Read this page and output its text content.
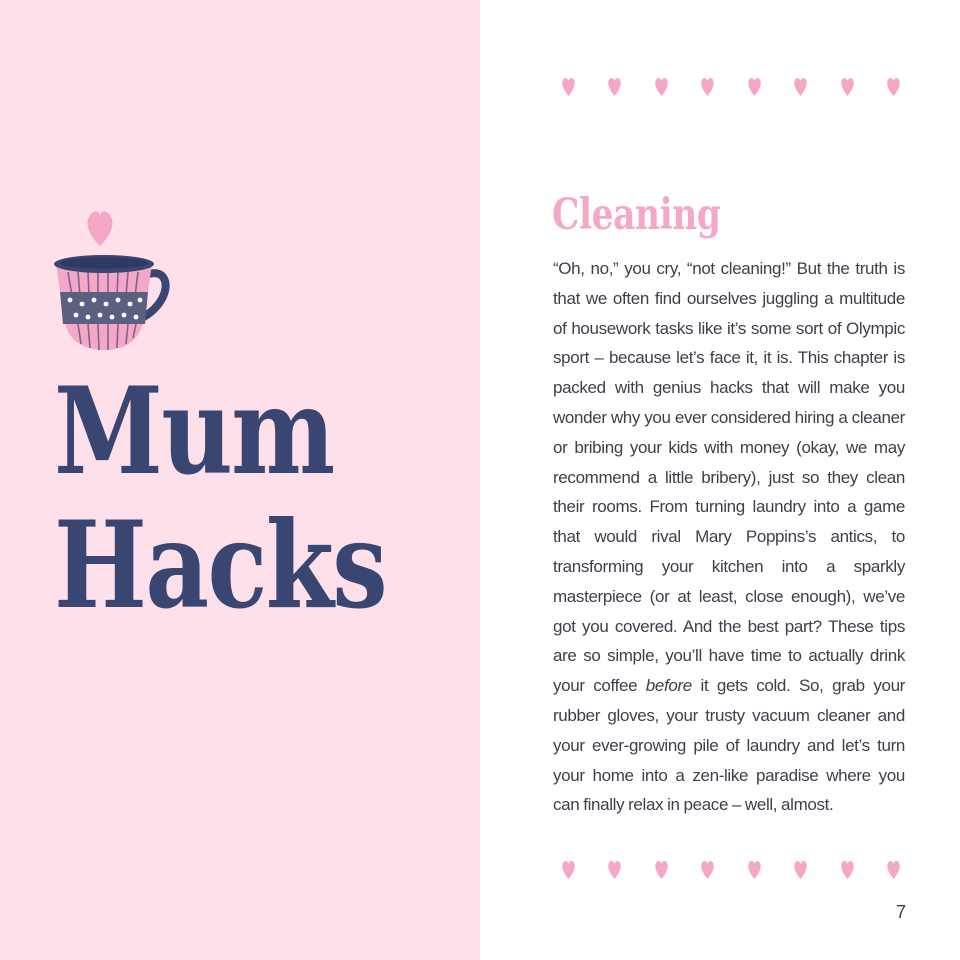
Mum
Hacks
Cleaning

“Oh, no,” you cry, “not cleaning!” But the truth is that we often find ourselves juggling a multitude of housework tasks like it’s some sort of Olympic sport – because let’s face it, it is. This chapter is packed with genius hacks that will make you wonder why you ever considered hiring a cleaner or bribing your kids with money (okay, we may recommend a little bribery), just so they clean their rooms. From turning laundry into a game that would rival Mary Poppins’s antics, to transforming your kitchen into a sparkly masterpiece (or at least, close enough), we’ve got you covered. And the best part? These tips are so simple, you’ll have time to actually drink your coffee before it gets cold. So, grab your rubber gloves, your trusty vacuum cleaner and your ever-growing pile of laundry and let’s turn your home into a zen-like paradise where you can finally relax in peace – well, almost.

7
